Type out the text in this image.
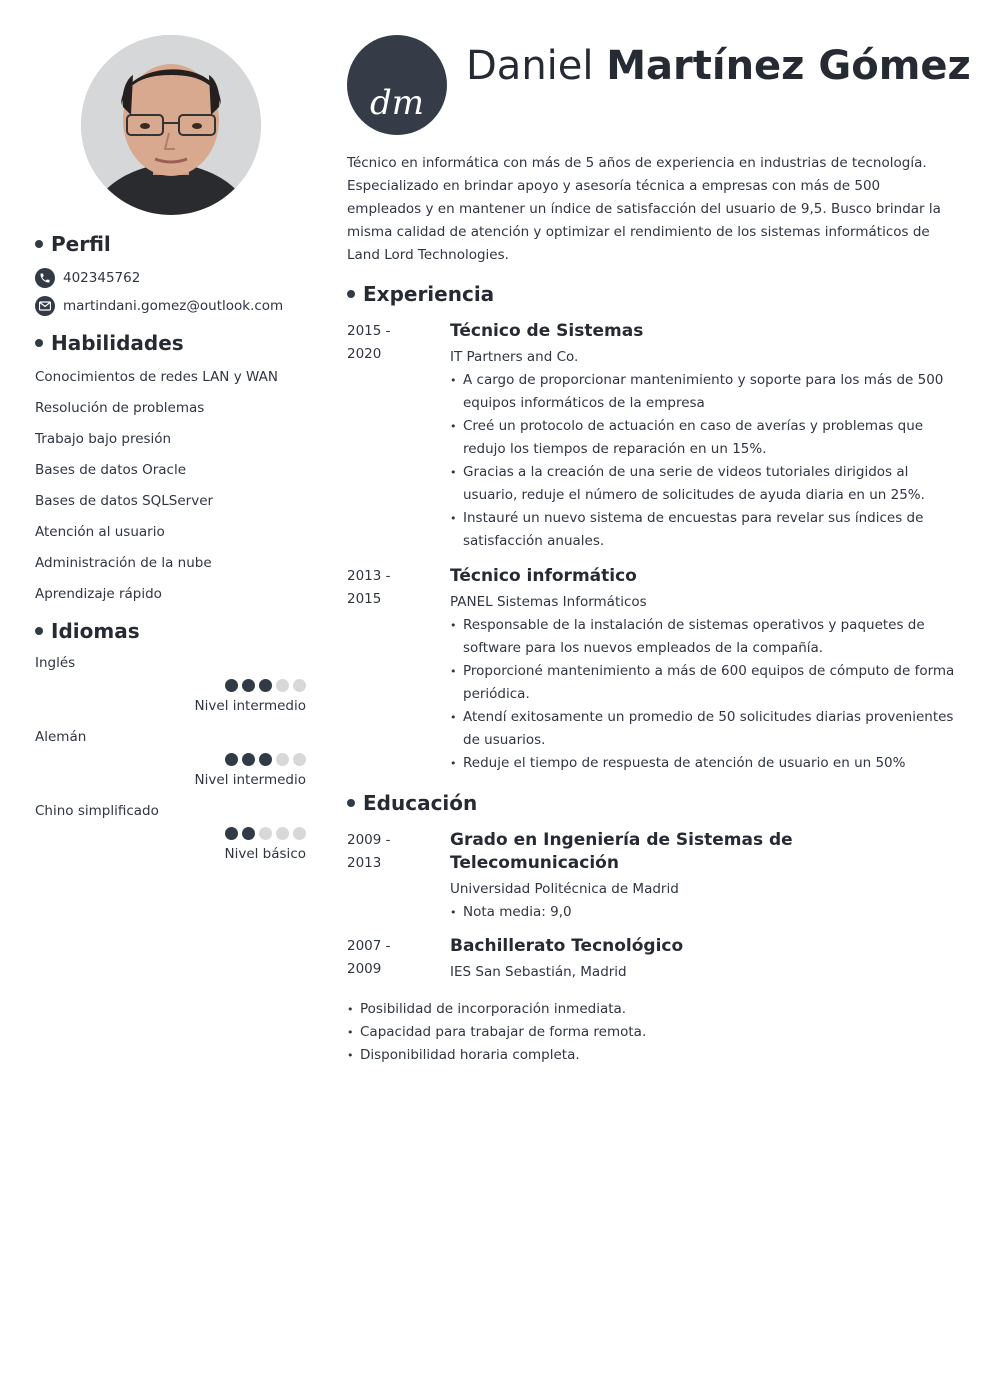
Perfil
402345762
martindani.gomez@outlook.com
Habilidades
Conocimientos de redes LAN y WAN
Resolución de problemas
Trabajo bajo presión
Bases de datos Oracle
Bases de datos SQLServer
Atención al usuario
Administración de la nube
Aprendizaje rápido
Idiomas
Inglés
Nivel intermedio
Alemán
Nivel intermedio
Chino simplificado
Nivel básico
dm
Daniel Martínez Gómez

Técnico en informática con más de 5 años de experiencia en industrias de tecnología. Especializado en brindar apoyo y asesoría técnica a empresas con más de 500 empleados y en mantener un índice de satisfacción del usuario de 9,5. Busco brindar la misma calidad de atención y optimizar el rendimiento de los sistemas informáticos de Land Lord Technologies.

Experiencia
2015 -
2020
Técnico de Sistemas
IT Partners and Co.
• A cargo de proporcionar mantenimiento y soporte para los más de 500 equipos informáticos de la empresa
• Creé un protocolo de actuación en caso de averías y problemas que redujo los tiempos de reparación en un 15%.
• Gracias a la creación de una serie de videos tutoriales dirigidos al usuario, reduje el número de solicitudes de ayuda diaria en un 25%.
• Instauré un nuevo sistema de encuestas para revelar sus índices de satisfacción anuales.
2013 -
2015
Técnico informático
PANEL Sistemas Informáticos
• Responsable de la instalación de sistemas operativos y paquetes de software para los nuevos empleados de la compañía.
• Proporcioné mantenimiento a más de 600 equipos de cómputo de forma periódica.
• Atendí exitosamente un promedio de 50 solicitudes diarias provenientes de usuarios.
• Reduje el tiempo de respuesta de atención de usuario en un 50%
Educación
2009 -
2013
Grado en Ingeniería de Sistemas de Telecomunicación
Universidad Politécnica de Madrid
• Nota media: 9,0
2007 -
2009
Bachillerato Tecnológico
IES San Sebastián, Madrid
• Posibilidad de incorporación inmediata.
• Capacidad para trabajar de forma remota.
• Disponibilidad horaria completa.
